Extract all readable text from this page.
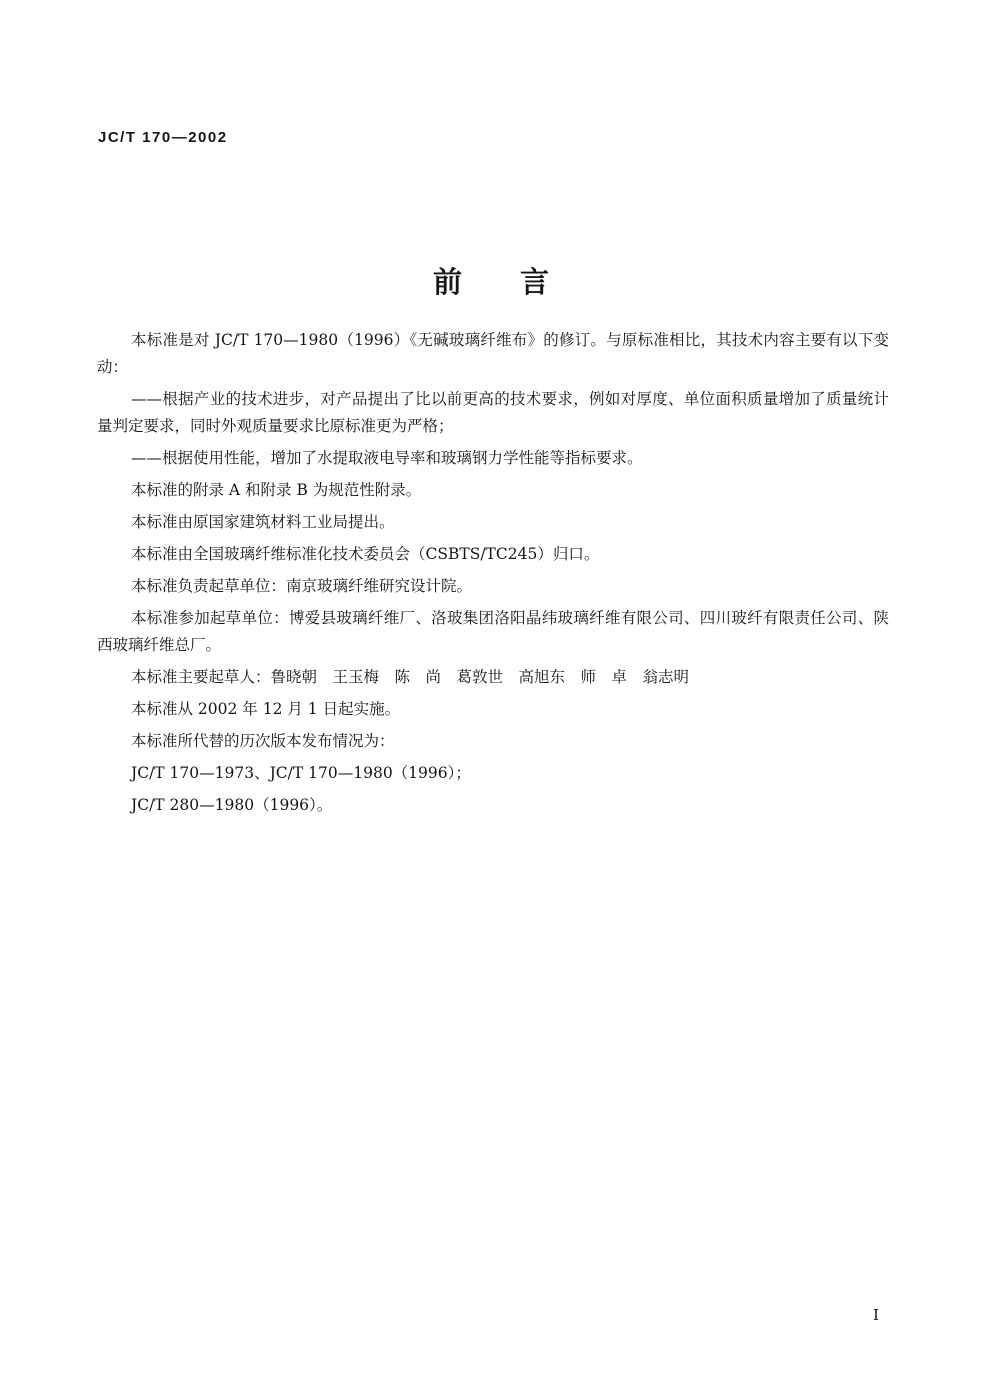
JC/T 170—2002
前言

本标准是对 JC/T 170—1980（1996）《无碱玻璃纤维布》的修订。与原标准相比，其技术内容主要有以下变动：

——根据产业的技术进步，对产品提出了比以前更高的技术要求，例如对厚度、单位面积质量增加了质量统计量判定要求，同时外观质量要求比原标准更为严格；

——根据使用性能，增加了水提取液电导率和玻璃钢力学性能等指标要求。

本标准的附录 A 和附录 B 为规范性附录。

本标准由原国家建筑材料工业局提出。

本标准由全国玻璃纤维标准化技术委员会（CSBTS/TC245）归口。

本标准负责起草单位：南京玻璃纤维研究设计院。

本标准参加起草单位：博爱县玻璃纤维厂、洛玻集团洛阳晶纬玻璃纤维有限公司、四川玻纤有限责任公司、陕西玻璃纤维总厂。

本标准主要起草人：鲁晓朝　王玉梅　陈　尚　葛敦世　高旭东　师　卓　翁志明

本标准从 2002 年 12 月 1 日起实施。

本标准所代替的历次版本发布情况为：

JC/T 170—1973、JC/T 170—1980（1996）；

JC/T 280—1980（1996）。

I
